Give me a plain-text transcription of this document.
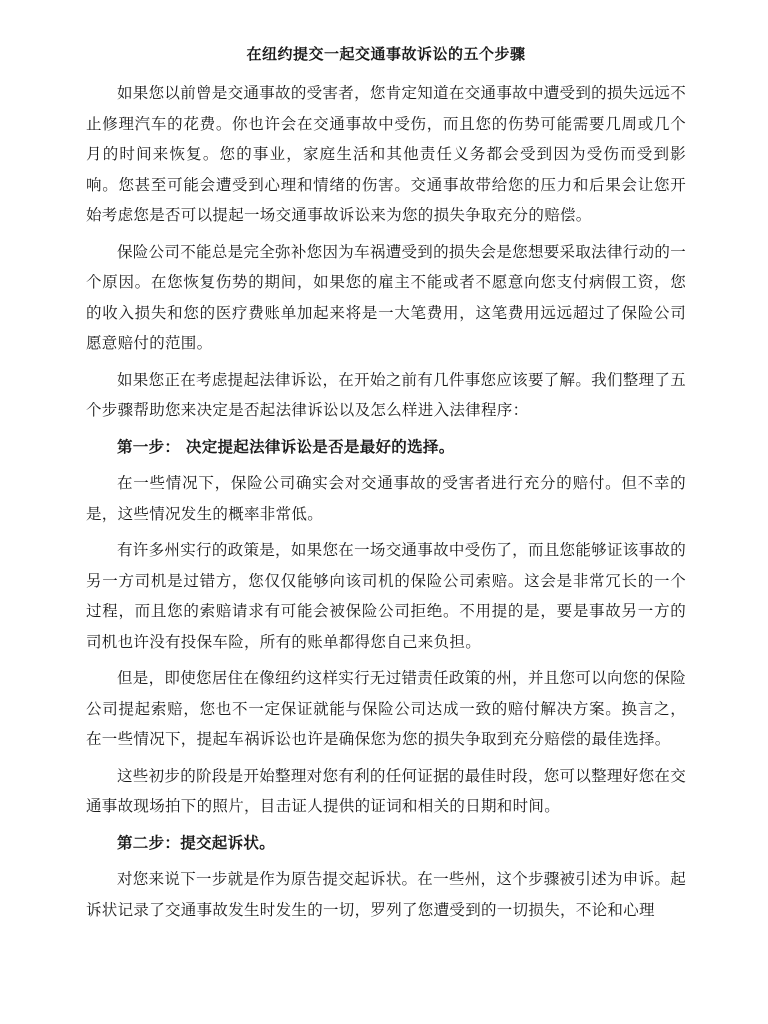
在纽约提交一起交通事故诉讼的五个步骤

如果您以前曾是交通事故的受害者，您肯定知道在交通事故中遭受到的损失远远不止修理汽车的花费。你也许会在交通事故中受伤，而且您的伤势可能需要几周或几个月的时间来恢复。您的事业，家庭生活和其他责任义务都会受到因为受伤而受到影响。您甚至可能会遭受到心理和情绪的伤害。交通事故带给您的压力和后果会让您开始考虑您是否可以提起一场交通事故诉讼来为您的损失争取充分的赔偿。

保险公司不能总是完全弥补您因为车祸遭受到的损失会是您想要采取法律行动的一个原因。在您恢复伤势的期间，如果您的雇主不能或者不愿意向您支付病假工资，您的收入损失和您的医疗费账单加起来将是一大笔费用，这笔费用远远超过了保险公司愿意赔付的范围。

如果您正在考虑提起法律诉讼，在开始之前有几件事您应该要了解。我们整理了五个步骤帮助您来决定是否起法律诉讼以及怎么样进入法律程序：

第一步： 决定提起法律诉讼是否是最好的选择。

在一些情况下，保险公司确实会对交通事故的受害者进行充分的赔付。但不幸的是，这些情况发生的概率非常低。

有许多州实行的政策是，如果您在一场交通事故中受伤了，而且您能够证该事故的另一方司机是过错方，您仅仅能够向该司机的保险公司索赔。这会是非常冗长的一个过程，而且您的索赔请求有可能会被保险公司拒绝。不用提的是，要是事故另一方的司机也许没有投保车险，所有的账单都得您自己来负担。

但是，即使您居住在像纽约这样实行无过错责任政策的州，并且您可以向您的保险公司提起索赔，您也不一定保证就能与保险公司达成一致的赔付解决方案。换言之，在一些情况下，提起车祸诉讼也许是确保您为您的损失争取到充分赔偿的最佳选择。

这些初步的阶段是开始整理对您有利的任何证据的最佳时段，您可以整理好您在交通事故现场拍下的照片，目击证人提供的证词和相关的日期和时间。

第二步：提交起诉状。

对您来说下一步就是作为原告提交起诉状。在一些州，这个步骤被引述为申诉。起诉状记录了交通事故发生时发生的一切，罗列了您遭受到的一切损失，不论和心理
